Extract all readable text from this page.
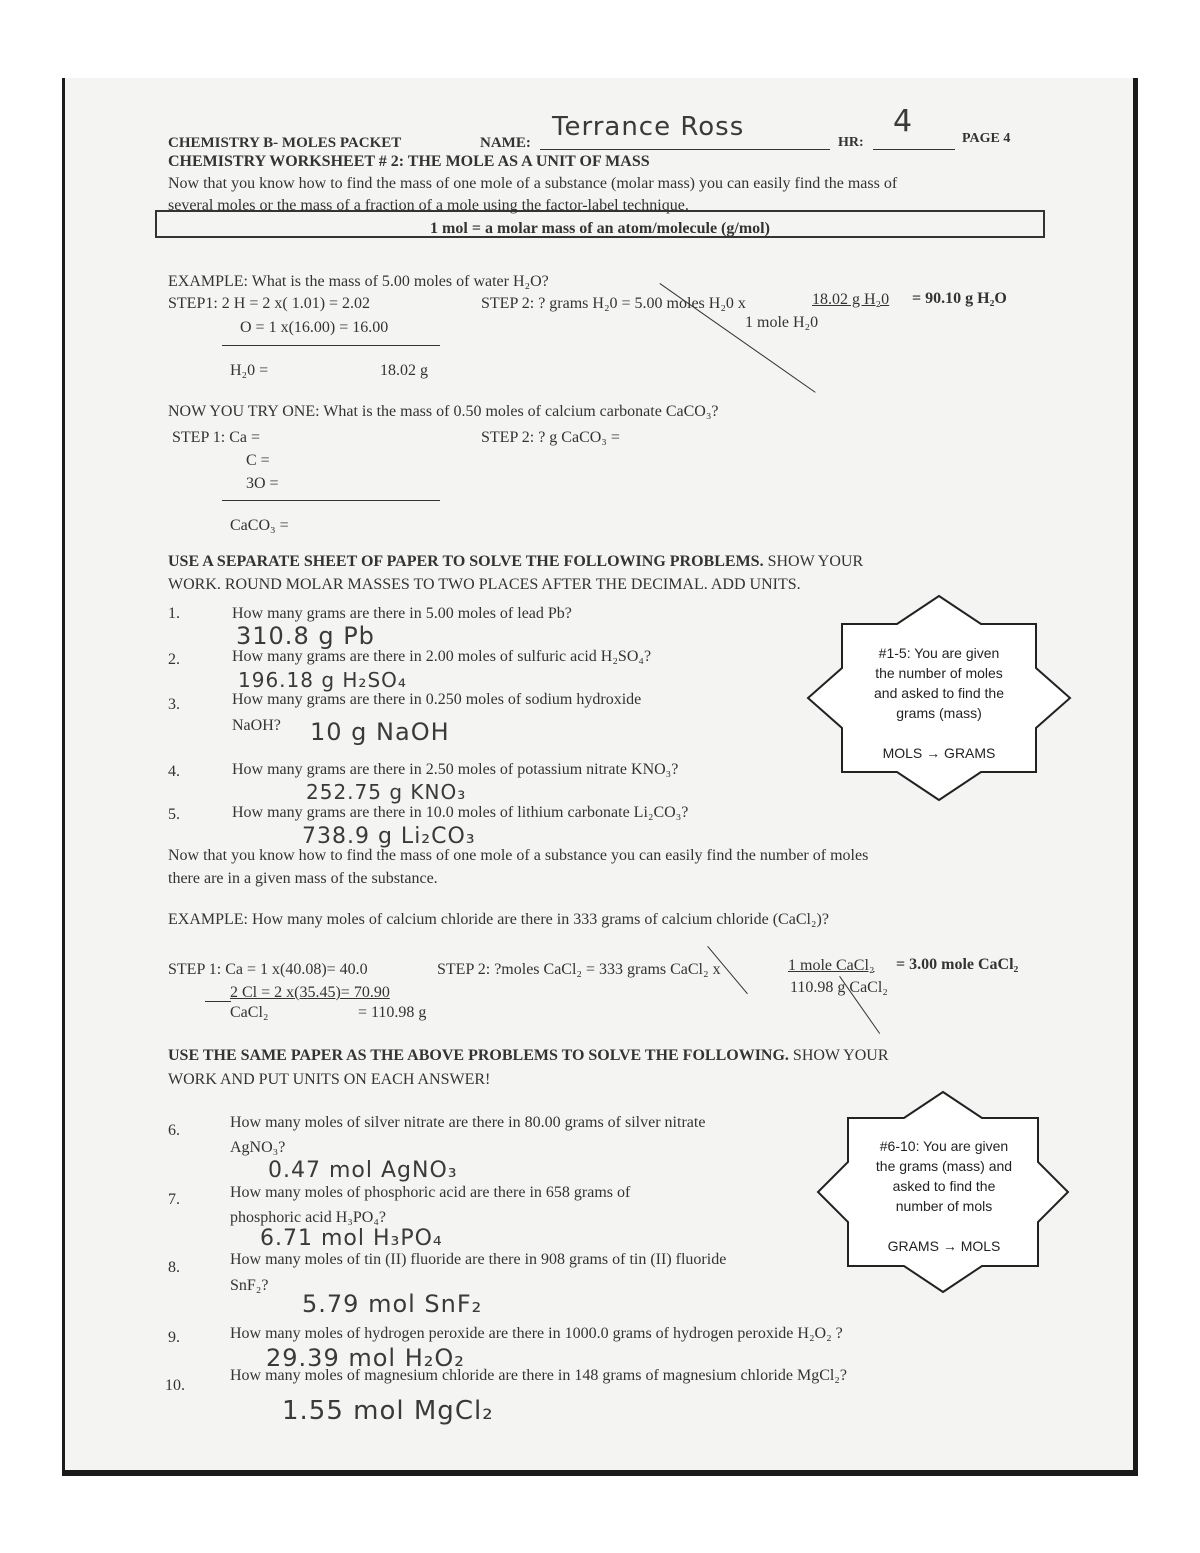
CHEMISTRY B- MOLES PACKET	NAME:
Terrance Ross
HR:
4	PAGE 4
CHEMISTRY WORKSHEET # 2: THE MOLE AS A UNIT OF MASS
Now that you know how to find the mass of one mole of a substance (molar mass) you can easily find the mass of
several moles or the mass of a fraction of a mole using the factor-label technique.
1 mol = a molar mass of an atom/molecule (g/mol)
EXAMPLE: What is the mass of 5.00 moles of water H₂O?
STEP1: 2 H = 2 x( 1.01) = 2.02
O = 1 x(16.00) = 16.00
H₂0 =	18.02 g
STEP 2: ? grams H₂0 = 5.00 moles H₂0 x	18.02 g H₂0 = 90.10 g H₂O
1 mole H₂0
NOW YOU TRY ONE: What is the mass of 0.50 moles of calcium carbonate CaCO₃?
STEP 1: Ca =
C =
3O =
CaCO₃ =
STEP 2: ? g CaCO₃ =
USE A SEPARATE SHEET OF PAPER TO SOLVE THE FOLLOWING PROBLEMS. SHOW YOUR
WORK. ROUND MOLAR MASSES TO TWO PLACES AFTER THE DECIMAL. ADD UNITS.
1.	How many grams are there in 5.00 moles of lead Pb?
310.8 g Pb
2.	How many grams are there in 2.00 moles of sulfuric acid H₂SO₄?
196.18 g H₂SO₄
3.	How many grams are there in 0.250 moles of sodium hydroxide
NaOH? 10 g NaOH
4.	How many grams are there in 2.50 moles of potassium nitrate KNO₃?
252.75 g KNO₃
5.	How many grams are there in 10.0 moles of lithium carbonate Li₂CO₃?
738.9 g Li₂CO₃
#1-5: You are given
the number of moles
and asked to find the
grams (mass)
MOLS → GRAMS
Now that you know how to find the mass of one mole of a substance you can easily find the number of moles
there are in a given mass of the substance.
EXAMPLE: How many moles of calcium chloride are there in 333 grams of calcium chloride (CaCl₂)?
STEP 1: Ca = 1 x(40.08)= 40.0
2 Cl = 2 x(35.45)= 70.90
CaCl₂	= 110.98 g
STEP 2: ?moles CaCl₂ = 333 grams CaCl₂ x	1 mole CaCl₂ = 3.00 mole CaCl₂
110.98 g CaCl₂
USE THE SAME PAPER AS THE ABOVE PROBLEMS TO SOLVE THE FOLLOWING. SHOW YOUR
WORK AND PUT UNITS ON EACH ANSWER!
6.	How many moles of silver nitrate are there in 80.00 grams of silver nitrate
AgNO₃?
0.47 mol AgNO₃
7.	How many moles of phosphoric acid are there in 658 grams of
phosphoric acid H₃PO₄?
6.71 mol H₃PO₄
8.	How many moles of tin (II) fluoride are there in 908 grams of tin (II) fluoride
SnF₂?
5.79 mol SnF₂
9.	How many moles of hydrogen peroxide are there in 1000.0 grams of hydrogen peroxide H₂O₂ ?
29.39 mol H₂O₂
10.
How many moles of magnesium chloride are there in 148 grams of magnesium chloride MgCl₂?
1.55 mol MgCl₂
#6-10: You are given
the grams (mass) and
asked to find the
number of mols
GRAMS → MOLS
